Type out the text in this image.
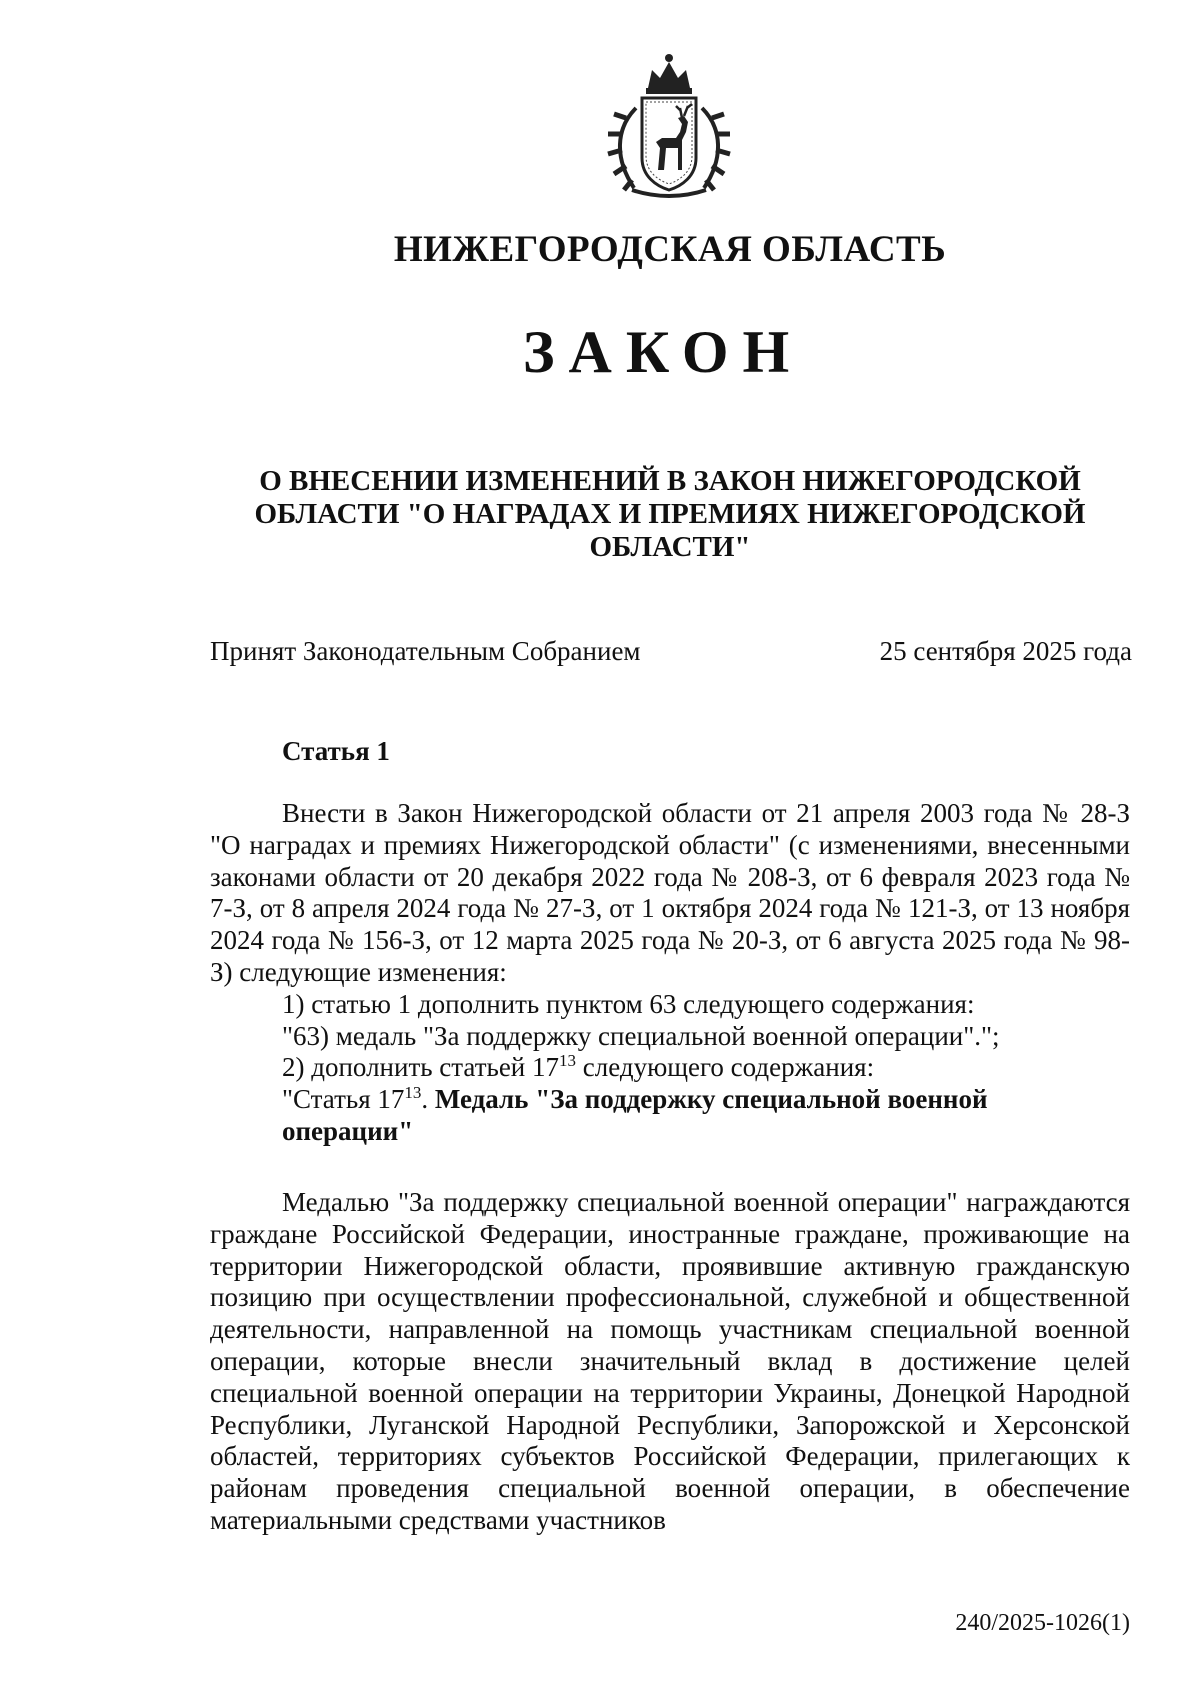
НИЖЕГОРОДСКАЯ ОБЛАСТЬ
ЗАКОН
О ВНЕСЕНИИ ИЗМЕНЕНИЙ В ЗАКОН НИЖЕГОРОДСКОЙ ОБЛАСТИ "О НАГРАДАХ И ПРЕМИЯХ НИЖЕГОРОДСКОЙ ОБЛАСТИ"
Принят Законодательным Собранием	25 сентября 2025 года
Статья 1

Внести в Закон Нижегородской области от 21 апреля 2003 года № 28-З "О наградах и премиях Нижегородской области" (с изменениями, внесенными законами области от 20 декабря 2022 года № 208-З, от 6 февраля 2023 года № 7-З, от 8 апреля 2024 года № 27-З, от 1 октября 2024 года № 121-З, от 13 ноября 2024 года № 156-З, от 12 марта 2025 года № 20-З, от 6 августа 2025 года № 98-З) следующие изменения:

1) статью 1 дополнить пунктом 63 следующего содержания:

"63) медаль "За поддержку специальной военной операции".";

2) дополнить статьей $17^{13}$ следующего содержания:

"Статья $17^{13}$. Медаль "За поддержку специальной военной

операции"

Медалью "За поддержку специальной военной операции" награждаются граждане Российской Федерации, иностранные граждане, проживающие на территории Нижегородской области, проявившие активную гражданскую позицию при осуществлении профессиональной, служебной и общественной деятельности, направленной на помощь участникам специальной военной операции, которые внесли значительный вклад в достижение целей специальной военной операции на территории Украины, Донецкой Народной Республики, Луганской Народной Республики, Запорожской и Херсонской областей, территориях субъектов Российской Федерации, прилегающих к районам проведения специальной военной операции, в обеспечение материальными средствами участников

240/2025-1026(1)
